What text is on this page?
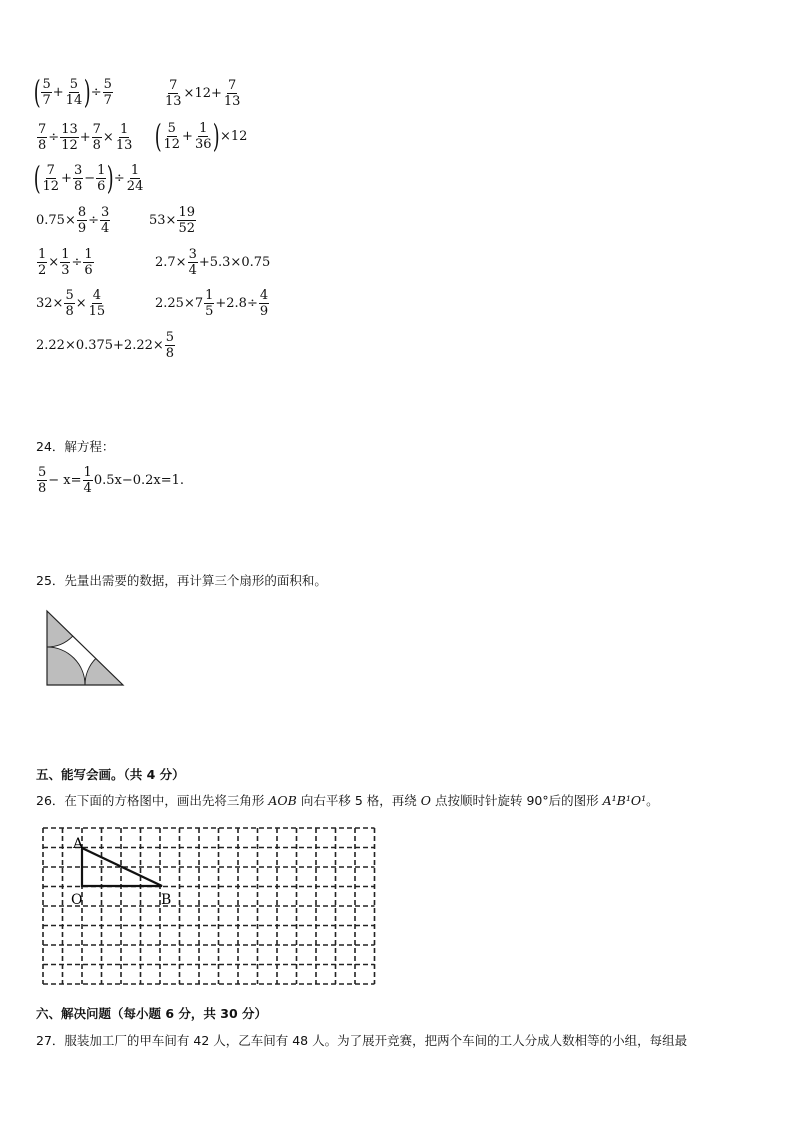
( 5
7
+ $\frac{5}{14}$ ) ÷ $\frac{5}{7}$	$\frac{7}{13} \times 12+ \frac{7}{13}$
$\frac{7}{8} \div \frac{13}{12} + \frac{7}{8} \times \frac{1}{13}$ ( 5
12
+ $\frac{1}{36}$ ) ×12
( 7
12
+ $\frac{3}{8} - \frac{1}{6}$ ) ÷ $\frac{1}{24}$
$0.75\times \frac{8}{9} \div \frac{3}{4}$	$53\times \frac{19}{52}$
$\frac{1}{2} \times \frac{1}{3} \div \frac{1}{6}$	$2.7\times \frac{3}{4} +5.3\times 0.75$
$32\times \frac{5}{8} \times \frac{4}{15}$	2.25×7
1
5
$+2.8\div \frac{4}{9}$
$2.22\times 0.375+2.22\times \frac{5}{8}$
24．解方程：
5
8
− $x= \frac{1}{4} 0.5x-0.2x=1$.
25．先量出需要的数据，再计算三个扇形的面积和。
五、能写会画。（共 4 分）
26．在下面的方格图中，画出先将三角形 AOB 向右平移 5 格，再绕 O 点按顺时针旋转 90°后的图形 A¹B¹O¹。
A
O	B
六、解决问题（每小题 6 分，共 30 分）
27．服装加工厂的甲车间有 42 人，乙车间有 48 人。为了展开竞赛，把两个车间的工人分成人数相等的小组，每组最
